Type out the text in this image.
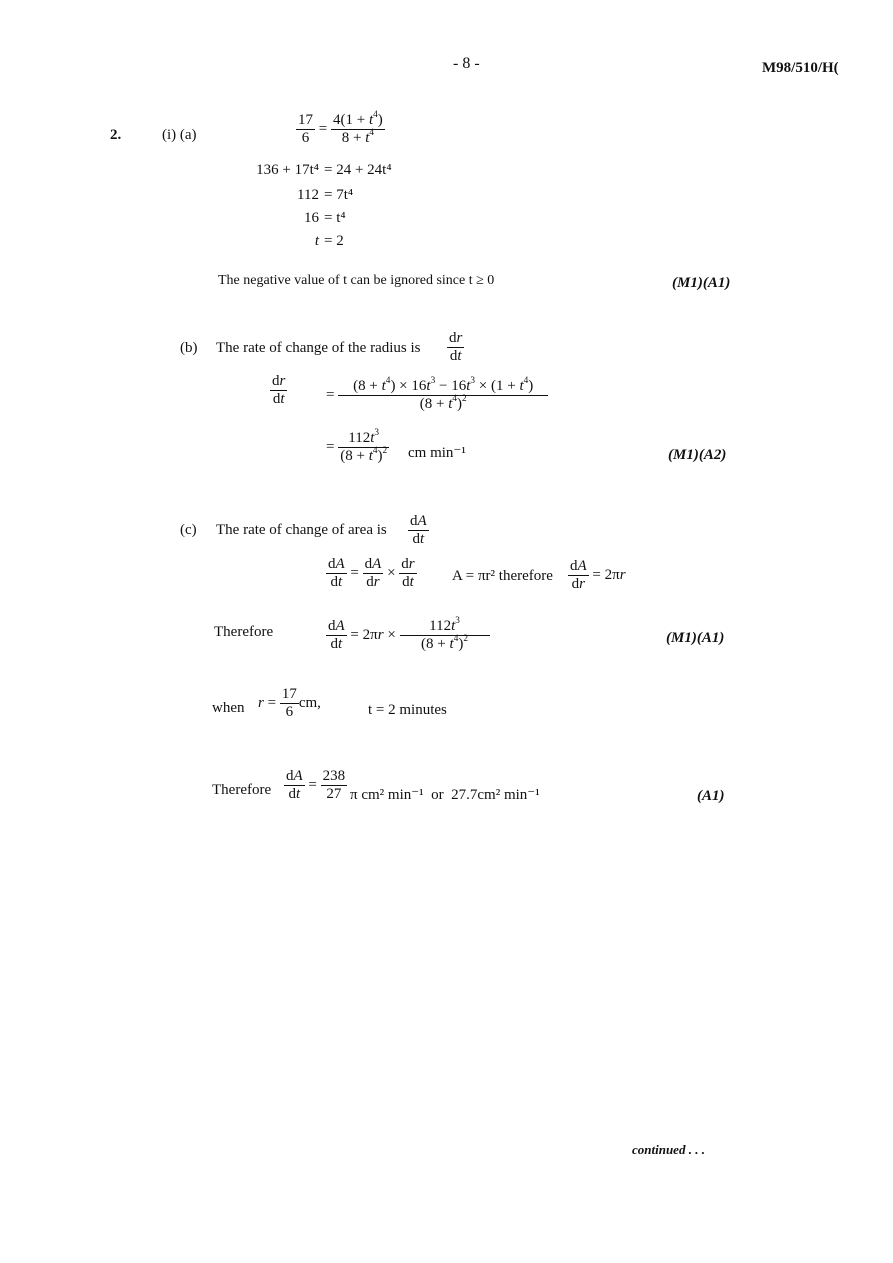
- 8 -	M98/510/H(
2.	(i) (a)	$\frac{17}{6} = \frac{4(1 + t^4)}{8 + t^4}$
136 + 17t⁴ = 24 + 24t⁴
112 = 7t⁴
16 = t⁴
t = 2
The negative value of t can be ignored since t ≥ 0	(M1)(A1)
(b) The rate of change of the radius is $\frac{dr}{dt}$
$\frac{dr}{dt}$	= $\frac{(8 + t^4) \times 16t^3 - 16t^3 \times (1 + t^4)}{(8 + t^4)^2}$
= $\frac{112t^3}{(8 + t^4)^2}$ cm min⁻¹	(M1)(A2)
(c) The rate of change of area is $\frac{dA}{dt}$
$\frac{dA}{dt} = \frac{dA}{dr} \times \frac{dr}{dt}$ A = πr² therefore $\frac{dA}{dr} = 2\pi r$
Therefore	$\frac{dA}{dt} = 2\pi r \times \frac{112t^3}{(8 + t^4)^2}$	(M1)(A1)
when $r = \frac{17}{6}$ cm,	t = 2 minutes
Therefore $\frac{dA}{dt} = \frac{238}{27}$ π cm² min⁻¹  or  27.7cm² min⁻¹	(A1)
continued . . .
